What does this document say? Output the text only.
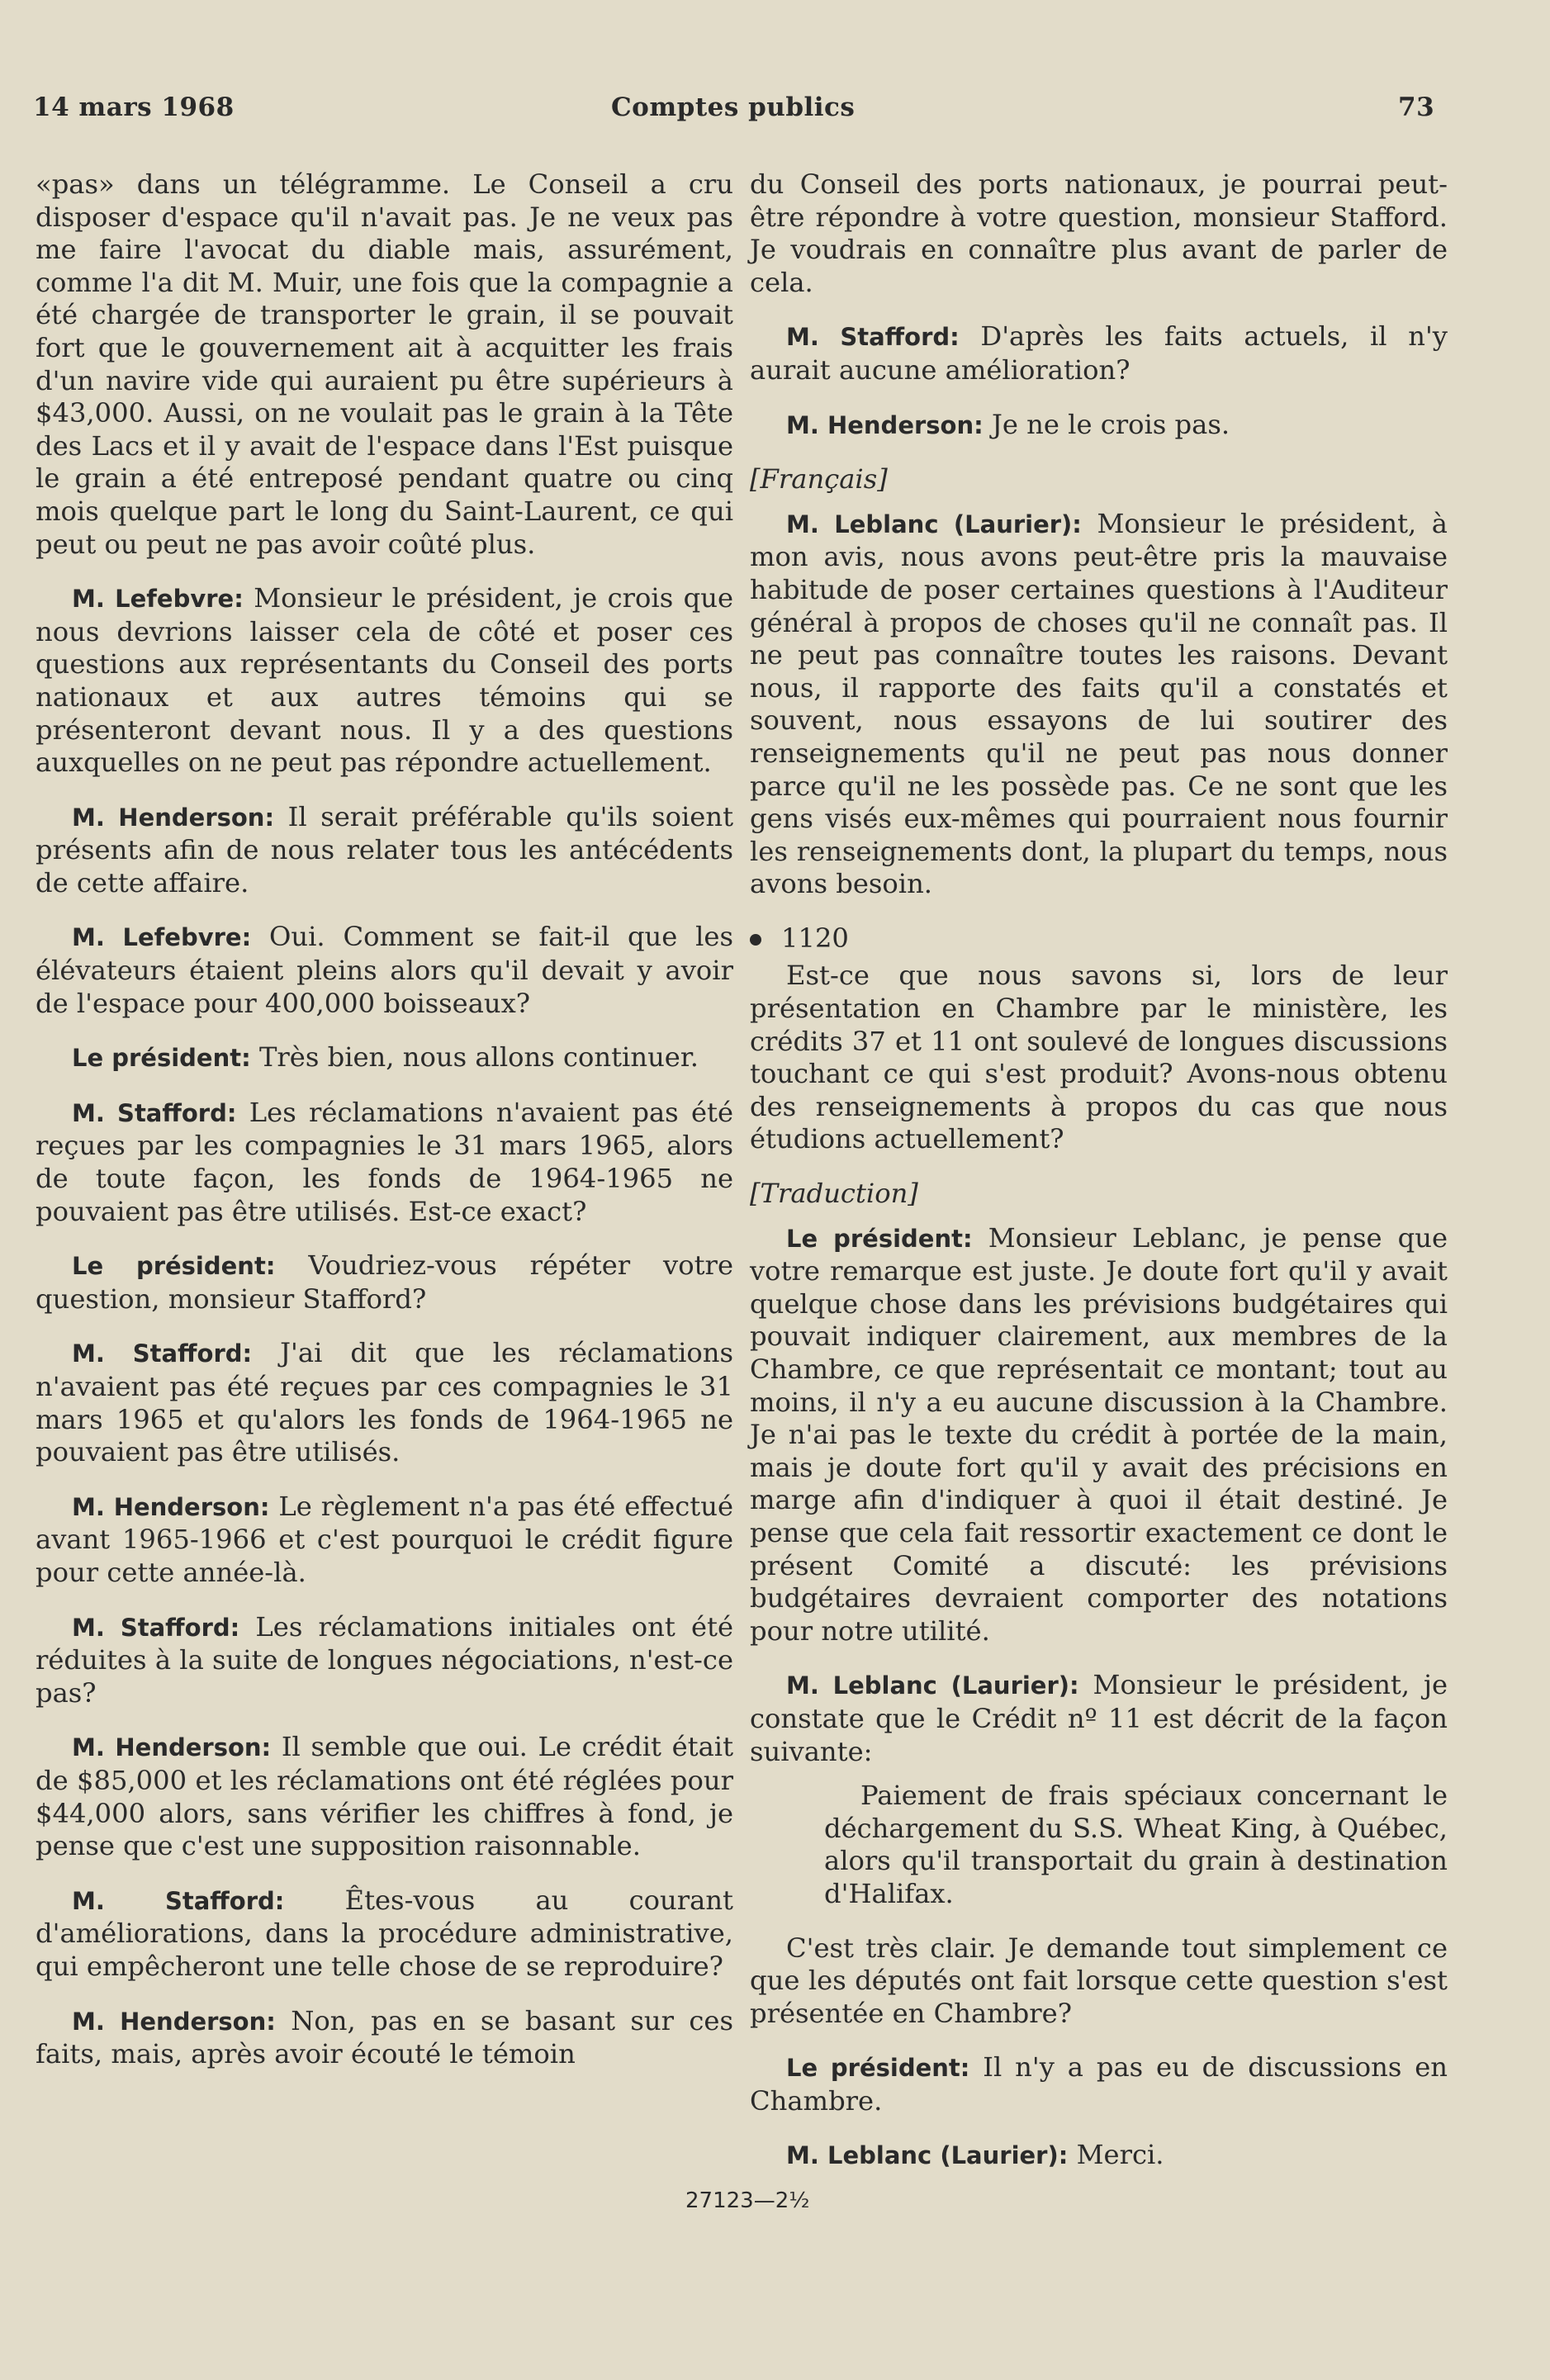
14 mars 1968	Comptes publics	73

«pas» dans un télégramme. Le Conseil a cru disposer d'espace qu'il n'avait pas. Je ne veux pas me faire l'avocat du diable mais, assurément, comme l'a dit M. Muir, une fois que la compagnie a été chargée de transporter le grain, il se pouvait fort que le gouvernement ait à acquitter les frais d'un navire vide qui auraient pu être supérieurs à $43,000. Aussi, on ne voulait pas le grain à la Tête des Lacs et il y avait de l'espace dans l'Est puisque le grain a été entreposé pendant quatre ou cinq mois quelque part le long du Saint-Laurent, ce qui peut ou peut ne pas avoir coûté plus.

M. Lefebvre: Monsieur le président, je crois que nous devrions laisser cela de côté et poser ces questions aux représentants du Conseil des ports nationaux et aux autres témoins qui se présenteront devant nous. Il y a des questions auxquelles on ne peut pas répondre actuellement.

M. Henderson: Il serait préférable qu'ils soient présents afin de nous relater tous les antécédents de cette affaire.

M. Lefebvre: Oui. Comment se fait-il que les élévateurs étaient pleins alors qu'il devait y avoir de l'espace pour 400,000 boisseaux?

Le président: Très bien, nous allons continuer.

M. Stafford: Les réclamations n'avaient pas été reçues par les compagnies le 31 mars 1965, alors de toute façon, les fonds de 1964-1965 ne pouvaient pas être utilisés. Est-ce exact?

Le président: Voudriez-vous répéter votre question, monsieur Stafford?

M. Stafford: J'ai dit que les réclamations n'avaient pas été reçues par ces compagnies le 31 mars 1965 et qu'alors les fonds de 1964-1965 ne pouvaient pas être utilisés.

M. Henderson: Le règlement n'a pas été effectué avant 1965-1966 et c'est pourquoi le crédit figure pour cette année-là.

M. Stafford: Les réclamations initiales ont été réduites à la suite de longues négociations, n'est-ce pas?

M. Henderson: Il semble que oui. Le crédit était de $85,000 et les réclamations ont été réglées pour $44,000 alors, sans vérifier les chiffres à fond, je pense que c'est une supposition raisonnable.

M. Stafford: Êtes-vous au courant d'améliorations, dans la procédure administrative, qui empêcheront une telle chose de se reproduire?

M. Henderson: Non, pas en se basant sur ces faits, mais, après avoir écouté le témoin

du Conseil des ports nationaux, je pourrai peut-être répondre à votre question, monsieur Stafford. Je voudrais en connaître plus avant de parler de cela.

M. Stafford: D'après les faits actuels, il n'y aurait aucune amélioration?

M. Henderson: Je ne le crois pas.

[Français]

M. Leblanc (Laurier): Monsieur le président, à mon avis, nous avons peut-être pris la mauvaise habitude de poser certaines questions à l'Auditeur général à propos de choses qu'il ne connaît pas. Il ne peut pas connaître toutes les raisons. Devant nous, il rapporte des faits qu'il a constatés et souvent, nous essayons de lui soutirer des renseignements qu'il ne peut pas nous donner parce qu'il ne les possède pas. Ce ne sont que les gens visés eux-mêmes qui pourraient nous fournir les renseignements dont, la plupart du temps, nous avons besoin.

1120

Est-ce que nous savons si, lors de leur présentation en Chambre par le ministère, les crédits 37 et 11 ont soulevé de longues discussions touchant ce qui s'est produit? Avons-nous obtenu des renseignements à propos du cas que nous étudions actuellement?

[Traduction]

Le président: Monsieur Leblanc, je pense que votre remarque est juste. Je doute fort qu'il y avait quelque chose dans les prévisions budgétaires qui pouvait indiquer clairement, aux membres de la Chambre, ce que représentait ce montant; tout au moins, il n'y a eu aucune discussion à la Chambre. Je n'ai pas le texte du crédit à portée de la main, mais je doute fort qu'il y avait des précisions en marge afin d'indiquer à quoi il était destiné. Je pense que cela fait ressortir exactement ce dont le présent Comité a discuté: les prévisions budgétaires devraient comporter des notations pour notre utilité.

M. Leblanc (Laurier): Monsieur le président, je constate que le Crédit nº 11 est décrit de la façon suivante:

Paiement de frais spéciaux concernant le déchargement du S.S. Wheat King, à Québec, alors qu'il transportait du grain à destination d'Halifax.

C'est très clair. Je demande tout simplement ce que les députés ont fait lorsque cette question s'est présentée en Chambre?

Le président: Il n'y a pas eu de discussions en Chambre.

M. Leblanc (Laurier): Merci.

27123—2½
